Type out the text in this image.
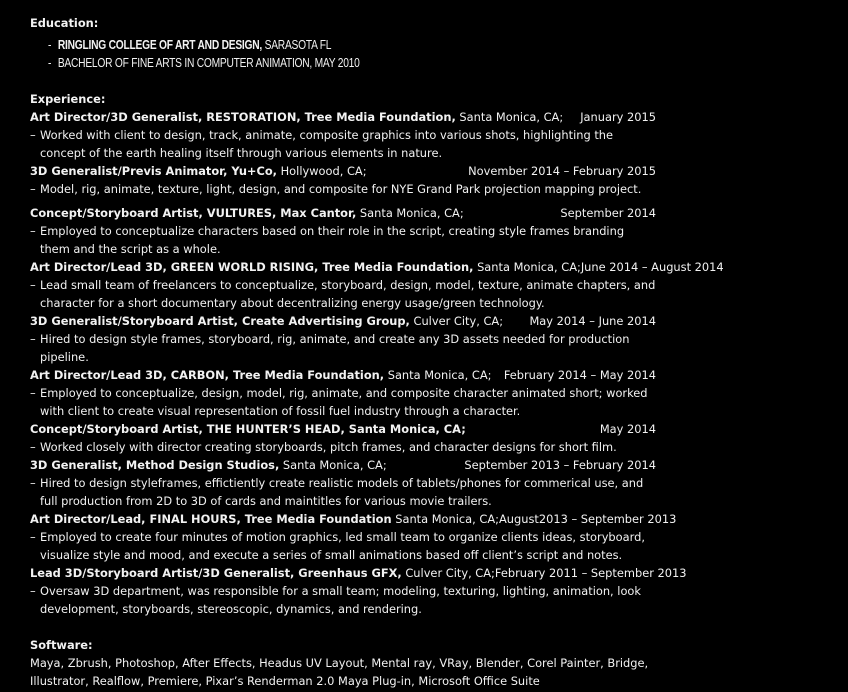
Education:

- RINGLING COLLEGE OF ART AND DESIGN, SARASOTA FL
- BACHELOR OF FINE ARTS IN COMPUTER ANIMATION, MAY 2010

Experience:

Art Director/3D Generalist, RESTORATION, Tree Media Foundation, Santa Monica, CA; January 2015

– Worked with client to design, track, animate, composite graphics into various shots, highlighting the concept of the earth healing itself through various elements in nature.

3D Generalist/Previs Animator, Yu+Co, Hollywood, CA;	November 2014 – February 2015

– Model, rig, animate, texture, light, design, and composite for NYE Grand Park projection mapping project.

Concept/Storyboard Artist, VULTURES, Max Cantor, Santa Monica, CA;	September 2014

– Employed to conceptualize characters based on their role in the script, creating style frames branding them and the script as a whole.

Art Director/Lead 3D, GREEN WORLD RISING, Tree Media Foundation, Santa Monica, CA; June 2014 – August 2014

– Lead small team of freelancers to conceptualize, storyboard, design, model, texture, animate chapters, and character for a short documentary about decentralizing energy usage/green technology.

3D Generalist/Storyboard Artist, Create Advertising Group, Culver City, CA; May 2014 – June 2014

– Hired to design style frames, storyboard, rig, animate, and create any 3D assets needed for production pipeline.

Art Director/Lead 3D, CARBON, Tree Media Foundation, Santa Monica, CA; February 2014 – May 2014

– Employed to conceptualize, design, model, rig, animate, and composite character animated short; worked with client to create visual representation of fossil fuel industry through a character.

Concept/Storyboard Artist, THE HUNTER’S HEAD, Santa Monica, CA;	May 2014

– Worked closely with director creating storyboards, pitch frames, and character designs for short film.

3D Generalist, Method Design Studios, Santa Monica, CA;	September 2013 – February 2014

– Hired to design styleframes, effictiently create realistic models of tablets/phones for commerical use, and full production from 2D to 3D of cards and maintitles for various movie trailers.

Art Director/Lead, FINAL HOURS, Tree Media Foundation Santa Monica, CA; August2013 – September 2013

– Employed to create four minutes of motion graphics, led small team to organize clients ideas, storyboard, visualize style and mood, and execute a series of small animations based off client’s script and notes.

Lead 3D/Storyboard Artist/3D Generalist, Greenhaus GFX, Culver City, CA; February 2011 – September 2013

– Oversaw 3D department, was responsible for a small team; modeling, texturing, lighting, animation, look development, storyboards, stereoscopic, dynamics, and rendering.

Software:

Maya, Zbrush, Photoshop, After Effects, Headus UV Layout, Mental ray, VRay, Blender, Corel Painter, Bridge, Illustrator, Realflow, Premiere, Pixar’s Renderman 2.0 Maya Plug-in, Microsoft Office Suite
